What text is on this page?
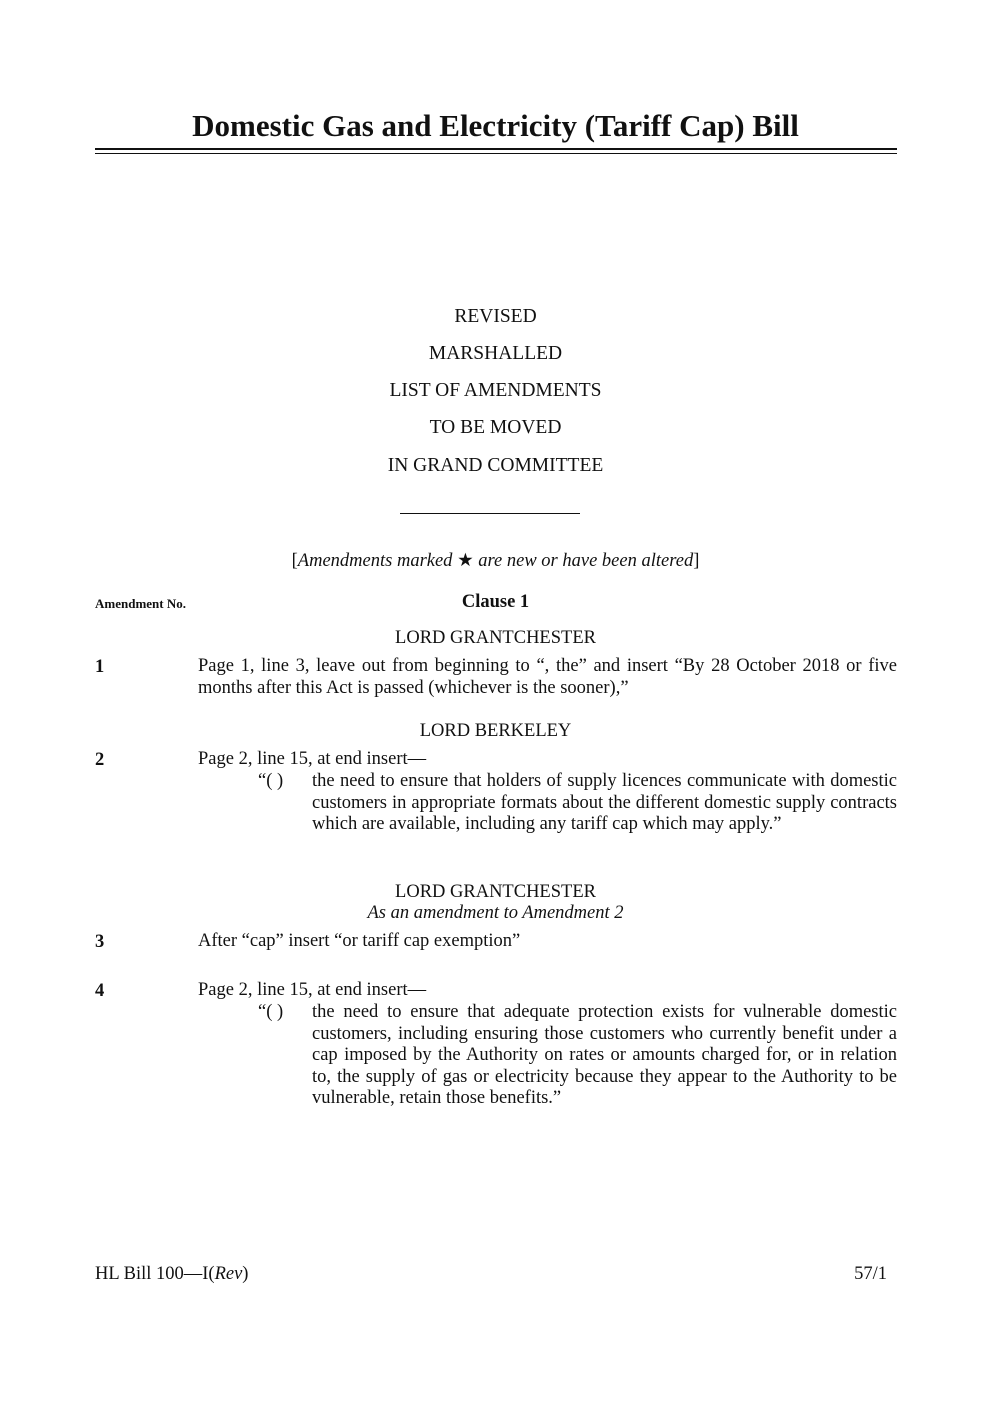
Domestic Gas and Electricity (Tariff Cap) Bill
REVISED
MARSHALLED
LIST OF AMENDMENTS
TO BE MOVED
IN GRAND COMMITTEE
[Amendments marked ★ are new or have been altered]
Amendment No.	Clause 1
LORD GRANTCHESTER
1	Page 1, line 3, leave out from beginning to “, the” and insert “By 28 October 2018 or five months after this Act is passed (whichever is the sooner),”
LORD BERKELEY
2	Page 2, line 15, at end insert—
“( ) the need to ensure that holders of supply licences communicate with domestic customers in appropriate formats about the different domestic supply contracts which are available, including any tariff cap which may apply.”
LORD GRANTCHESTER
As an amendment to Amendment 2
3	After “cap” insert “or tariff cap exemption”
4	Page 2, line 15, at end insert—
“( ) the need to ensure that adequate protection exists for vulnerable domestic customers, including ensuring those customers who currently benefit under a cap imposed by the Authority on rates or amounts charged for, or in relation to, the supply of gas or electricity because they appear to the Authority to be vulnerable, retain those benefits.”
HL Bill 100—I(Rev)	57/1
